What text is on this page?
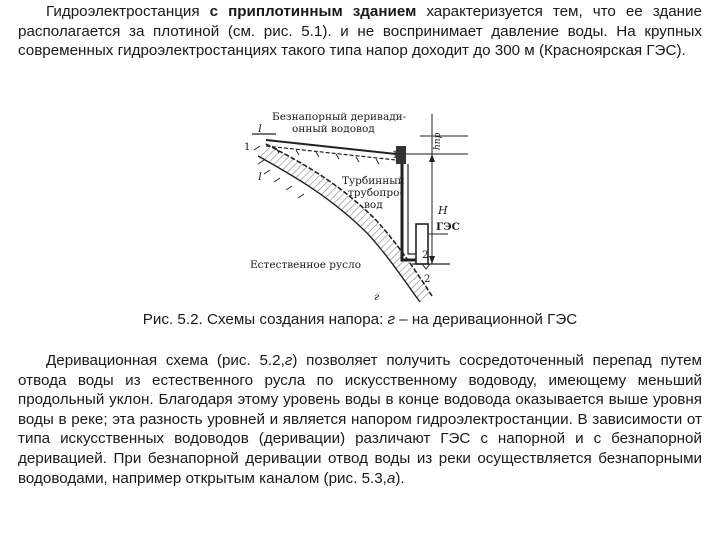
Гидроэлектростанция с приплотинным зданием характеризуется тем, что ее здание располагается за плотиной (см. рис. 5.1). и не воспринимает давление воды. На крупных современных гидроэлектростанциях такого типа напор доходит до 300 м (Красноярская ГЭС).

Безнапорный деривади-
онный водовод
Турбинный
трубопро-
вод
ГЭС
Естественное русло
H
hпр
I
I
1
1
2
2
г
Рис. 5.2. Схемы создания напора: г – на деривационной ГЭС

Деривационная схема (рис. 5.2,г) позволяет получить сосредоточенный перепад путем отвода воды из естественного русла по искусственному водоводу, имеющему меньший продольный уклон. Благодаря этому уровень воды в конце водовода оказывается выше уровня воды в реке; эта разность уровней и является напором гидроэлектростанции. В зависимости от типа искусственных водоводов (деривации) различают ГЭС с напорной и с безнапорной деривацией. При безнапорной деривации отвод воды из реки осуществляется безнапорными водоводами, например открытым каналом (рис. 5.3,а).
